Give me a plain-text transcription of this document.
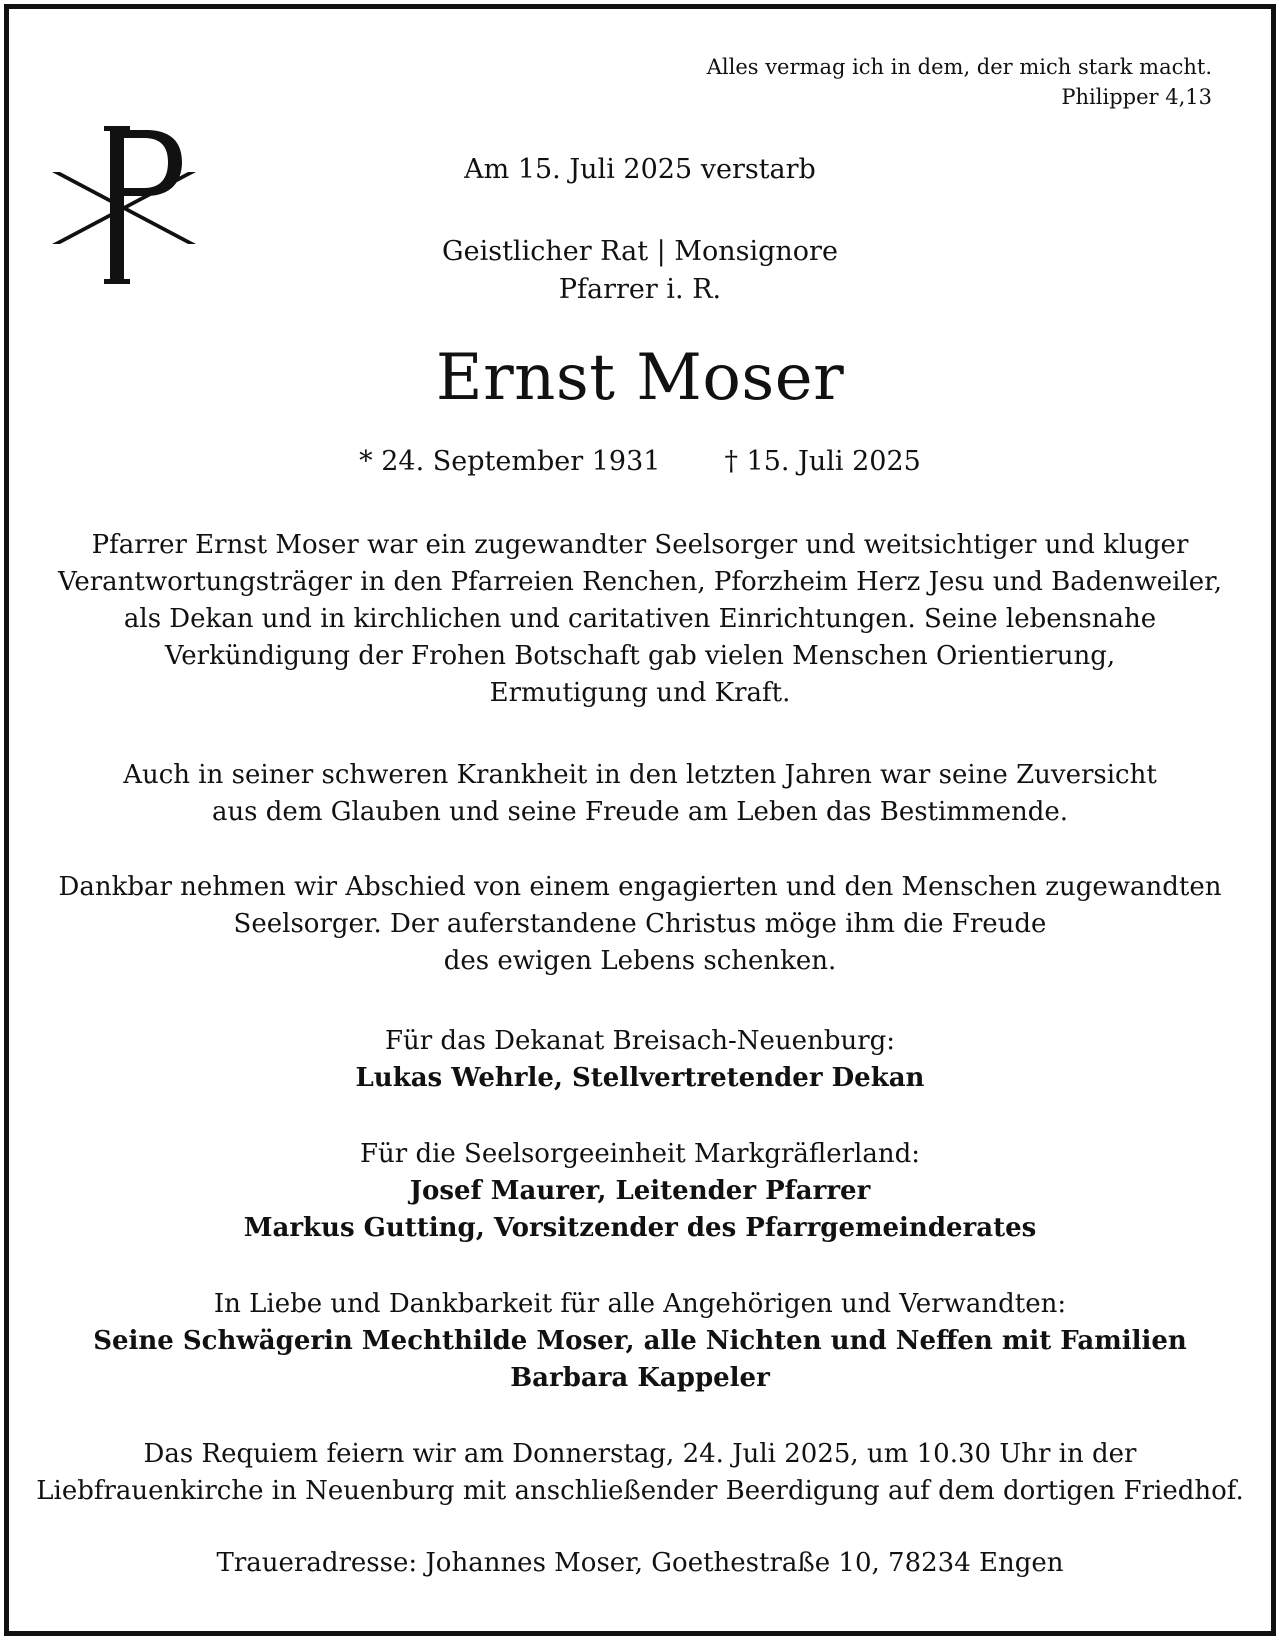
Alles vermag ich in dem, der mich stark macht.
Philipper 4,13
Am 15. Juli 2025 verstarb
Geistlicher Rat | Monsignore
Pfarrer i. R.
Ernst Moser
* 24. September 1931 † 15. Juli 2025
Pfarrer Ernst Moser war ein zugewandter Seelsorger und weitsichtiger und kluger
Verantwortungsträger in den Pfarreien Renchen, Pforzheim Herz Jesu und Badenweiler,
als Dekan und in kirchlichen und caritativen Einrichtungen. Seine lebensnahe
Verkündigung der Frohen Botschaft gab vielen Menschen Orientierung,
Ermutigung und Kraft.
Auch in seiner schweren Krankheit in den letzten Jahren war seine Zuversicht
aus dem Glauben und seine Freude am Leben das Bestimmende.
Dankbar nehmen wir Abschied von einem engagierten und den Menschen zugewandten
Seelsorger. Der auferstandene Christus möge ihm die Freude
des ewigen Lebens schenken.
Für das Dekanat Breisach-Neuenburg:
Lukas Wehrle, Stellvertretender Dekan
Für die Seelsorgeeinheit Markgräflerland:
Josef Maurer, Leitender Pfarrer
Markus Gutting, Vorsitzender des Pfarrgemeinderates
In Liebe und Dankbarkeit für alle Angehörigen und Verwandten:
Seine Schwägerin Mechthilde Moser, alle Nichten und Neffen mit Familien
Barbara Kappeler
Das Requiem feiern wir am Donnerstag, 24. Juli 2025, um 10.30 Uhr in der
Liebfrauenkirche in Neuenburg mit anschließender Beerdigung auf dem dortigen Friedhof.
Traueradresse: Johannes Moser, Goethestraße 10, 78234 Engen
